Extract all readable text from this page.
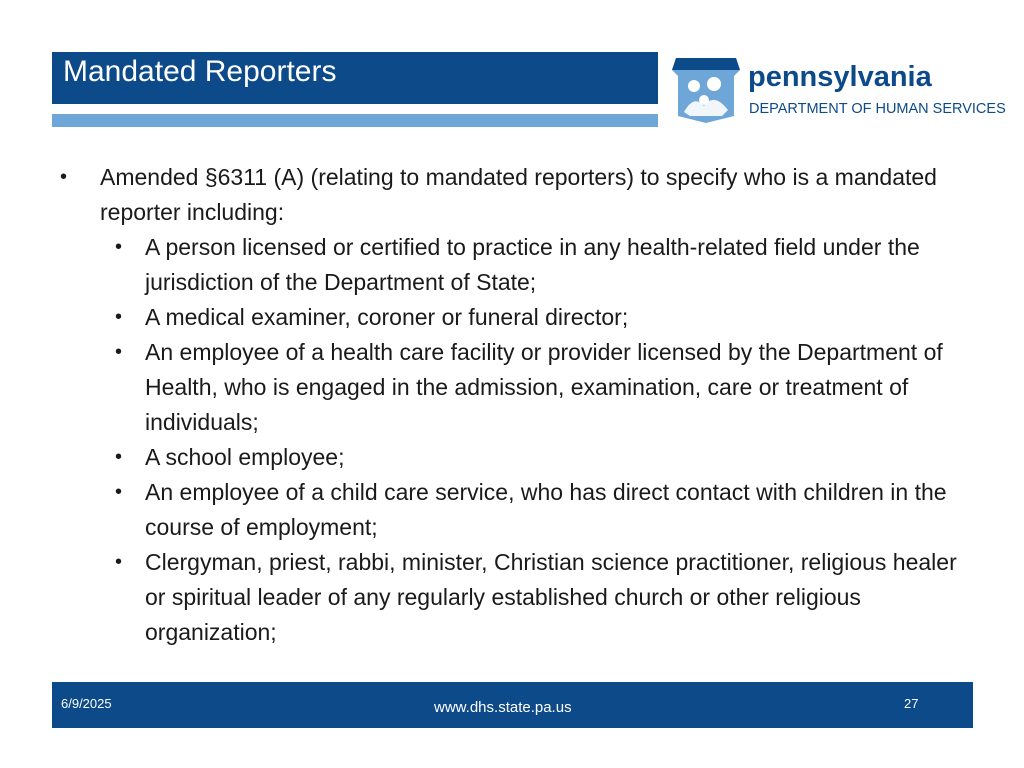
Mandated Reporters	pennsylvania
DEPARTMENT OF HUMAN SERVICES
• Amended §6311 (A) (relating to mandated reporters) to specify who is a mandated reporter including:
• A person licensed or certified to practice in any health-related field under the jurisdiction of the Department of State;
• A medical examiner, coroner or funeral director;
• An employee of a health care facility or provider licensed by the Department of Health, who is engaged in the admission, examination, care or treatment of individuals;
• A school employee;
• An employee of a child care service, who has direct contact with children in the course of employment;
• Clergyman, priest, rabbi, minister, Christian science practitioner, religious healer or spiritual leader of any regularly established church or other religious organization;
6/9/2025	www.dhs.state.pa.us	27
